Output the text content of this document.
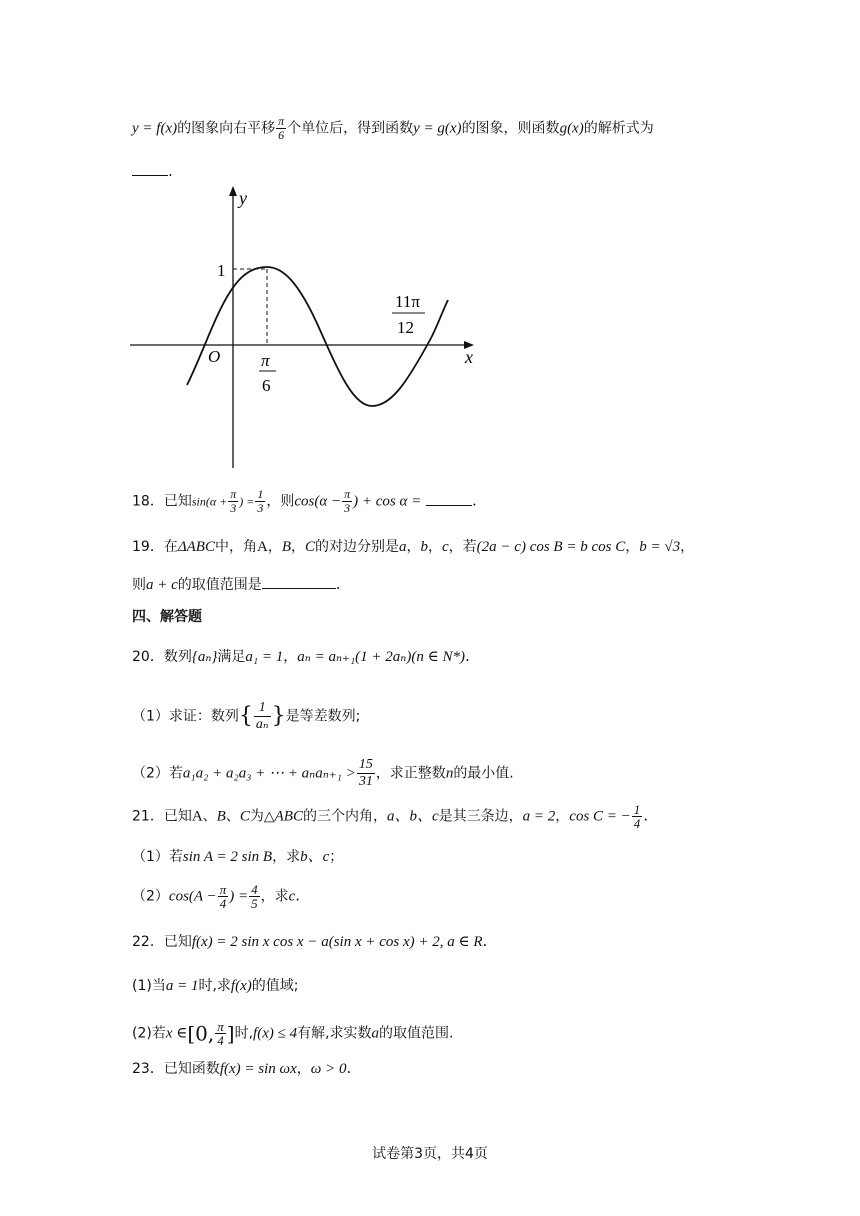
y = f(x)的图象向右平移 $\frac{\pi}{6}$ 个单位后，得到函数y = g(x)的图象，则函数g(x)的解析式为
.
y
x
O
1
π
6
11π
12
18．已知$\sin(\alpha + \frac{\pi}{3}$ ) = $\frac{1}{3}$ ，则$\cos(\alpha - \frac{\pi}{3}$ ) + cos α =	.
19．在ΔABC中，角A，B，C的对边分别是a，b，c，若(2a − c) cos B = b cos C，b = √3，
则a + c的取值范围是	.
四、解答题
20．数列{aₙ}满足a₁ = 1，aₙ = aₙ₊₁(1 + 2aₙ)(n ∈ N*).
（1）求证：数列{ $\frac{1}{\text{aₙ}}$ }是等差数列;
（2）若a₁a₂ + a₂a₃ + ⋯ + $a_na_{n+1} > \frac{15}{31}$ ，求正整数n的最小值.
21．已知A、B、C为△ABC的三个内角，a、b、c是其三条边，a = 2，cos C = − $\frac{1}{4}$ .
（1）若sin A = 2 sin B，求b、c；
$(2)\cos(A - \frac{\pi}{4}$ ) = $\frac{4}{5}$ ，求c.
22．已知f(x) = 2 sin x cos x − a(sin x + cos x) + 2, a ∈ R.
(1)当a = 1时,求f(x)的值域;
(2)若x ∈[0, $\frac{\pi}{4}$ ]时,f(x) ≤ 4有解,求实数a的取值范围.
23．已知函数f(x) = sin ωx，ω > 0.
试卷第3页，共4页
